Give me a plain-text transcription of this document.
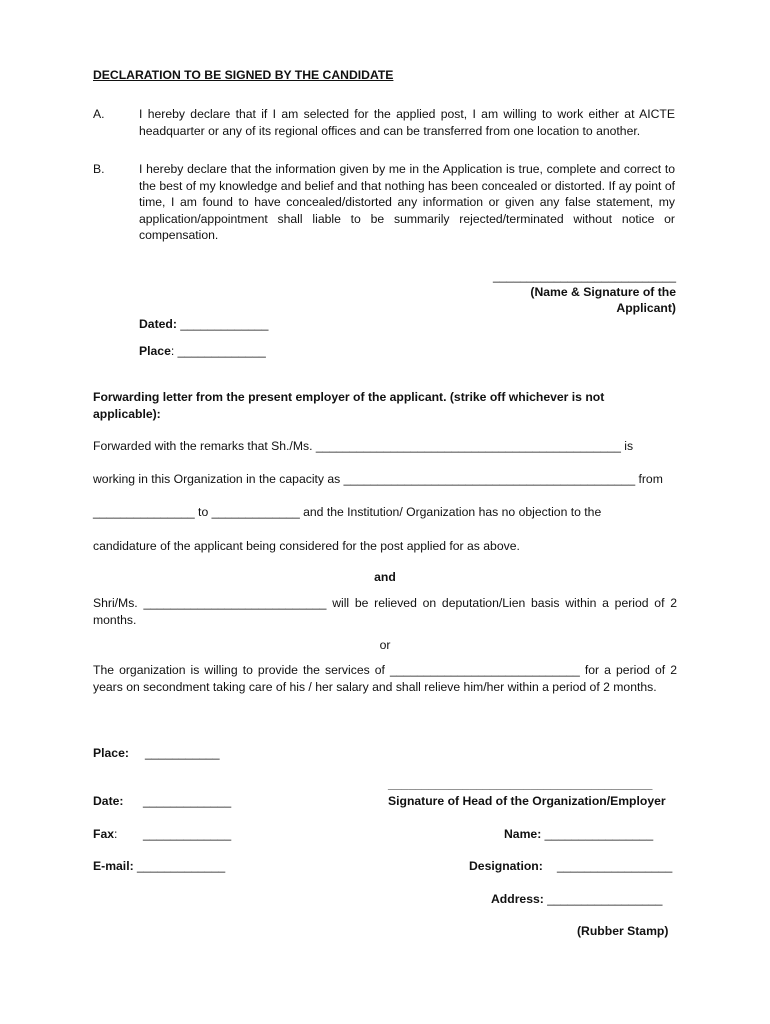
DECLARATION TO BE SIGNED BY THE CANDIDATE
A.	I hereby declare that if I am selected for the applied post, I am willing to work either at AICTE headquarter or any of its regional offices and can be transferred from one location to another.
B.	I hereby declare that the information given by me in the Application is true, complete and correct to the best of my knowledge and belief and that nothing has been concealed or distorted. If ay point of time, I am found to have concealed/distorted any information or given any false statement, my application/appointment shall liable to be summarily rejected/terminated without notice or compensation.
___________________________
(Name & Signature of the
Applicant)
Dated: _____________
Place: _____________
Forwarding letter from the present employer of the applicant. (strike off whichever is not applicable):
Forwarded with the remarks that Sh./Ms. _____________________________________________ is
working in this Organization in the capacity as ___________________________________________ from
_______________ to _____________ and the Institution/ Organization has no objection to the
candidature of the applicant being considered for the post applied for as above.
and
Shri/Ms. ___________________________ will be relieved on deputation/Lien basis within a period of 2 months.
or
The organization is willing to provide the services of ____________________________ for a period of 2 years on secondment taking care of his / her salary and shall relieve him/her within a period of 2 months.
Place: ___________
Date: _____________
Fax: _____________
E-mail: _____________
_______________________________________
Signature of Head of the Organization/Employer
Name: ________________
Designation: _________________
Address: _________________
(Rubber Stamp)
